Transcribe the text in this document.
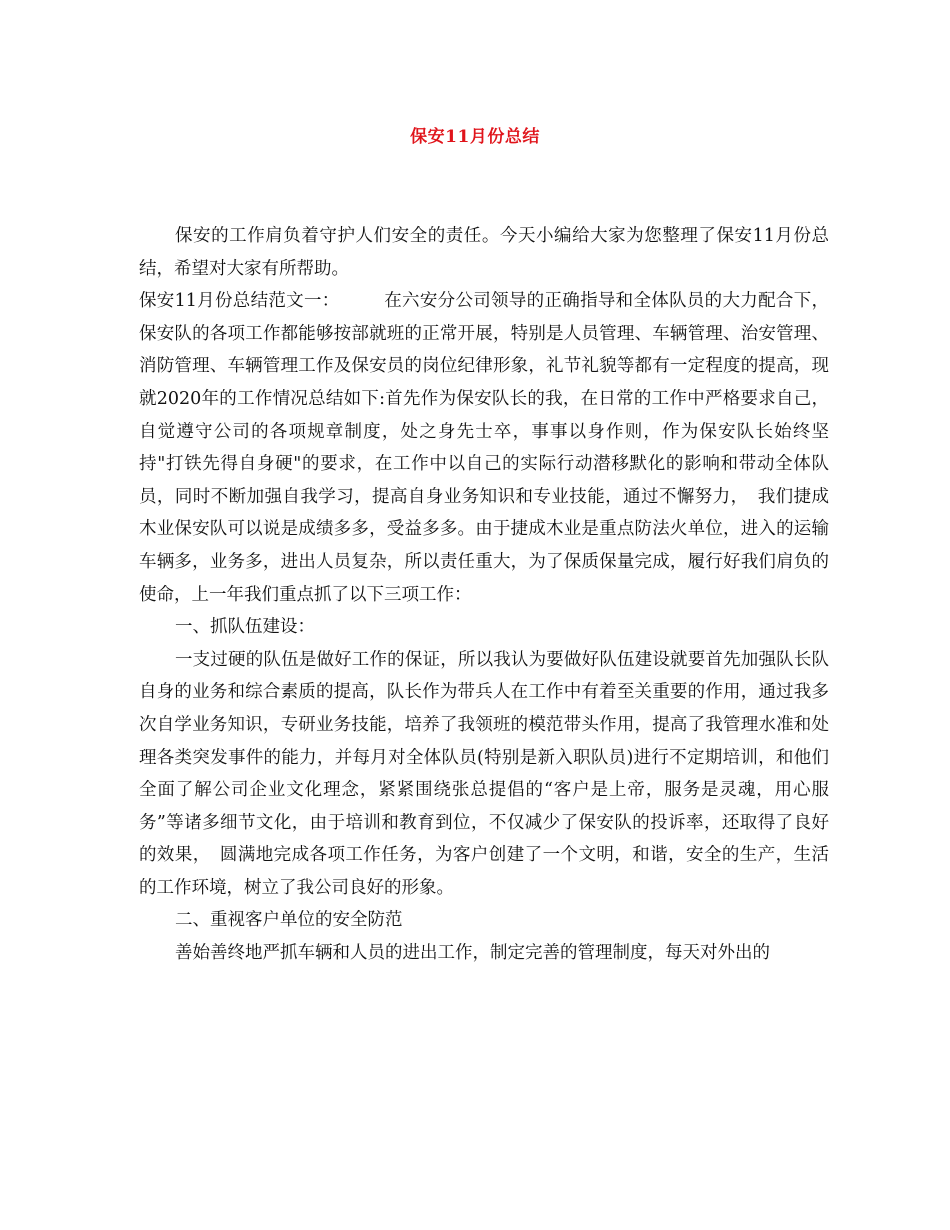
保安11月份总结

保安的工作肩负着守护人们安全的责任。今天小编给大家为您整理了保安11月份总结，希望对大家有所帮助。

保安11月份总结范文一：　　　在六安分公司领导的正确指导和全体队员的大力配合下，保安队的各项工作都能够按部就班的正常开展，特别是人员管理、车辆管理、治安管理、消防管理、车辆管理工作及保安员的岗位纪律形象，礼节礼貌等都有一定程度的提高，现就2020年的工作情况总结如下:首先作为保安队长的我，在日常的工作中严格要求自己，自觉遵守公司的各项规章制度，处之身先士卒，事事以身作则，作为保安队长始终坚持"打铁先得自身硬"的要求，在工作中以自己的实际行动潜移默化的影响和带动全体队员，同时不断加强自我学习，提高自身业务知识和专业技能，通过不懈努力，　我们捷成木业保安队可以说是成绩多多，受益多多。由于捷成木业是重点防法火单位，进入的运输车辆多，业务多，进出人员复杂，所以责任重大，为了保质保量完成，履行好我们肩负的使命，上一年我们重点抓了以下三项工作：

一、抓队伍建设：

一支过硬的队伍是做好工作的保证，所以我认为要做好队伍建设就要首先加强队长队自身的业务和综合素质的提高，队长作为带兵人在工作中有着至关重要的作用，通过我多次自学业务知识，专研业务技能，培养了我领班的模范带头作用，提高了我管理水准和处理各类突发事件的能力，并每月对全体队员(特别是新入职队员)进行不定期培训，和他们全面了解公司企业文化理念，紧紧围绕张总提倡的“客户是上帝，服务是灵魂，用心服务”等诸多细节文化，由于培训和教育到位，不仅减少了保安队的投诉率，还取得了良好的效果，　圆满地完成各项工作任务，为客户创建了一个文明，和谐，安全的生产，生活的工作环境，树立了我公司良好的形象。

二、重视客户单位的安全防范

善始善终地严抓车辆和人员的进出工作，制定完善的管理制度，每天对外出的
